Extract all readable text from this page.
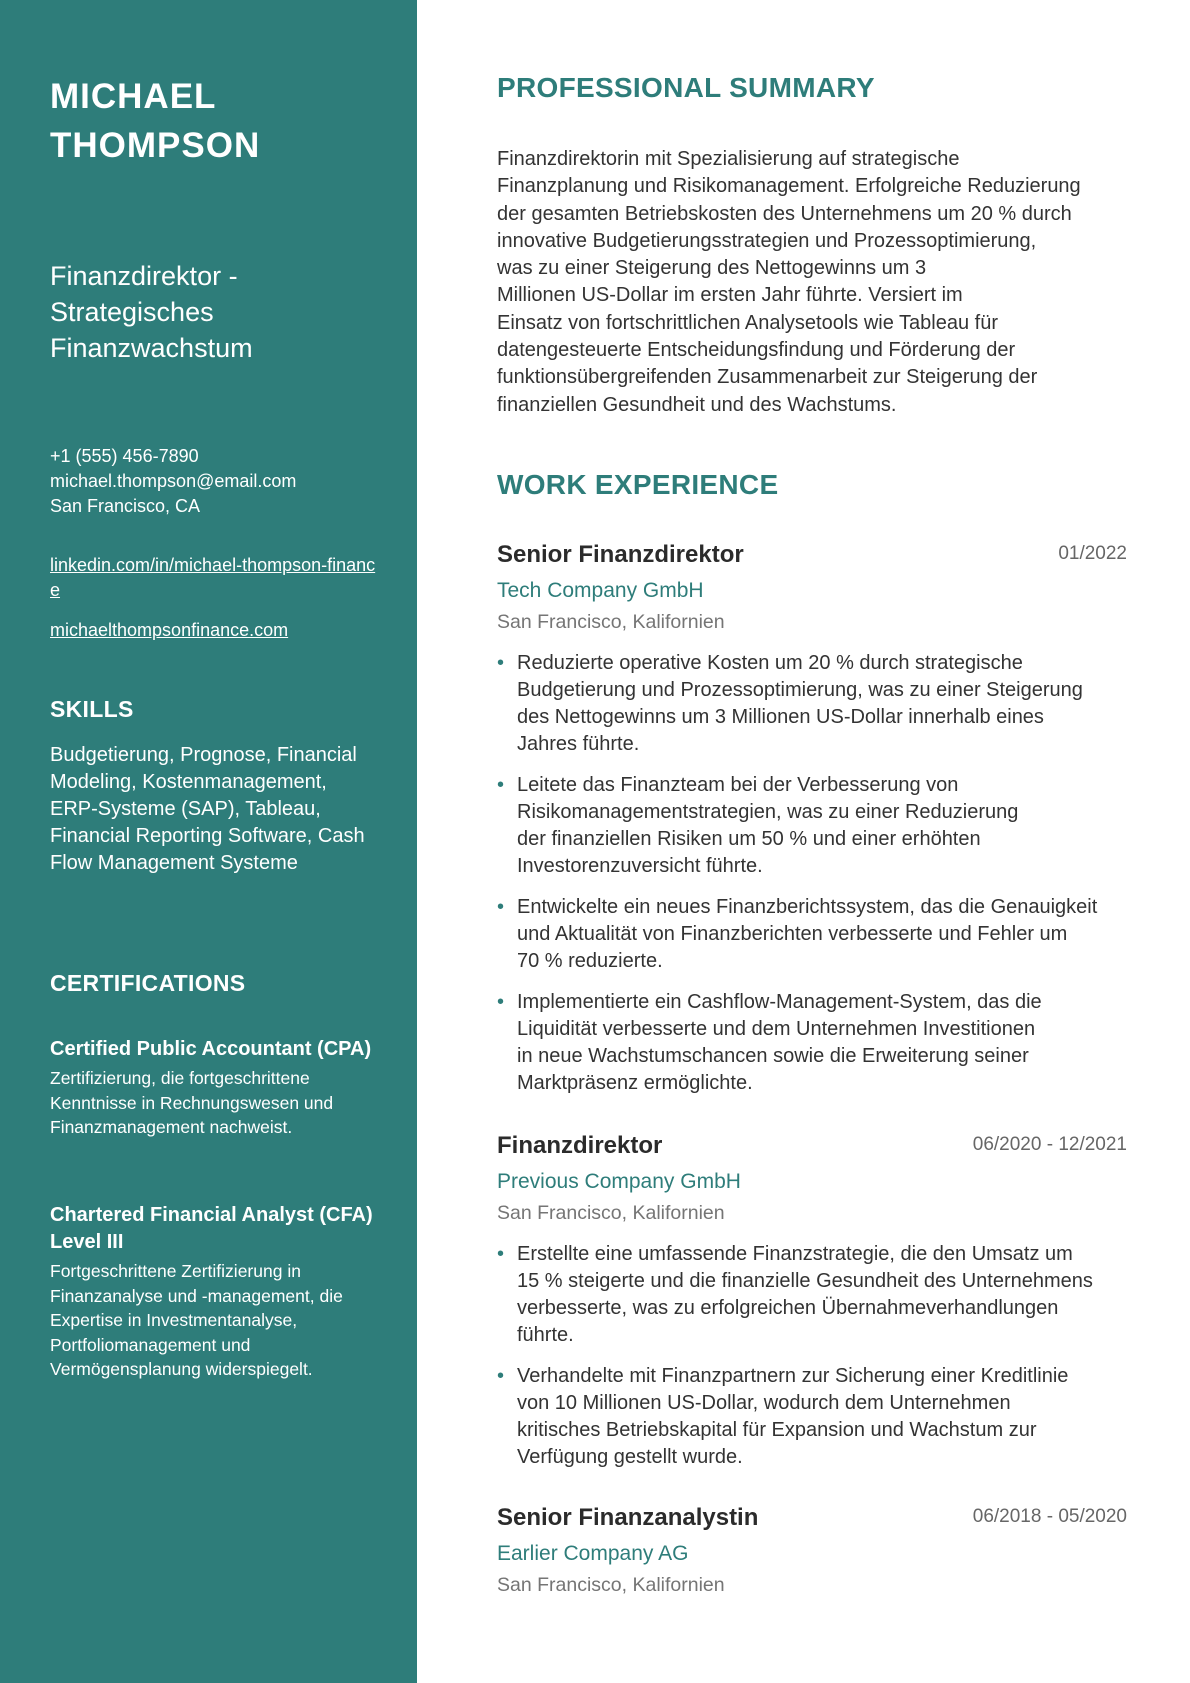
MICHAEL THOMPSON
Finanzdirektor - Strategisches Finanzwachstum
+1 (555) 456-7890
michael.thompson@email.com
San Francisco, CA
linkedin.com/in/michael-thompson-finance
michaelthompsonfinance.com
SKILLS
Budgetierung, Prognose, Financial Modeling, Kostenmanagement, ERP-Systeme (SAP), Tableau, Financial Reporting Software, Cash Flow Management Systeme
CERTIFICATIONS
Certified Public Accountant (CPA)
Zertifizierung, die fortgeschrittene Kenntnisse in Rechnungswesen und Finanzmanagement nachweist.
Chartered Financial Analyst (CFA) Level III
Fortgeschrittene Zertifizierung in Finanzanalyse und -management, die Expertise in Investmentanalyse, Portfoliomanagement und Vermögensplanung widerspiegelt.
PROFESSIONAL SUMMARY
Finanzdirektorin mit Spezialisierung auf strategische
Finanzplanung und Risikomanagement. Erfolgreiche Reduzierung
der gesamten Betriebskosten des Unternehmens um 20 % durch
innovative Budgetierungsstrategien und Prozessoptimierung,
was zu einer Steigerung des Nettogewinns um 3
Millionen US-Dollar im ersten Jahr führte. Versiert im
Einsatz von fortschrittlichen Analysetools wie Tableau für
datengesteuerte Entscheidungsfindung und Förderung der
funktionsübergreifenden Zusammenarbeit zur Steigerung der
finanziellen Gesundheit und des Wachstums.
WORK EXPERIENCE
Senior Finanzdirektor	01/2022
Tech Company GmbH
San Francisco, Kalifornien
• Reduzierte operative Kosten um 20 % durch strategische
Budgetierung und Prozessoptimierung, was zu einer Steigerung
des Nettogewinns um 3 Millionen US-Dollar innerhalb eines
Jahres führte.
• Leitete das Finanzteam bei der Verbesserung von
Risikomanagementstrategien, was zu einer Reduzierung
der finanziellen Risiken um 50 % und einer erhöhten
Investorenzuversicht führte.
• Entwickelte ein neues Finanzberichtssystem, das die Genauigkeit
und Aktualität von Finanzberichten verbesserte und Fehler um
70 % reduzierte.
• Implementierte ein Cashflow-Management-System, das die
Liquidität verbesserte und dem Unternehmen Investitionen
in neue Wachstumschancen sowie die Erweiterung seiner
Marktpräsenz ermöglichte.
Finanzdirektor	06/2020 - 12/2021
Previous Company GmbH
San Francisco, Kalifornien
• Erstellte eine umfassende Finanzstrategie, die den Umsatz um
15 % steigerte und die finanzielle Gesundheit des Unternehmens
verbesserte, was zu erfolgreichen Übernahmeverhandlungen
führte.
• Verhandelte mit Finanzpartnern zur Sicherung einer Kreditlinie
von 10 Millionen US-Dollar, wodurch dem Unternehmen
kritisches Betriebskapital für Expansion und Wachstum zur
Verfügung gestellt wurde.
Senior Finanzanalystin	06/2018 - 05/2020
Earlier Company AG
San Francisco, Kalifornien
